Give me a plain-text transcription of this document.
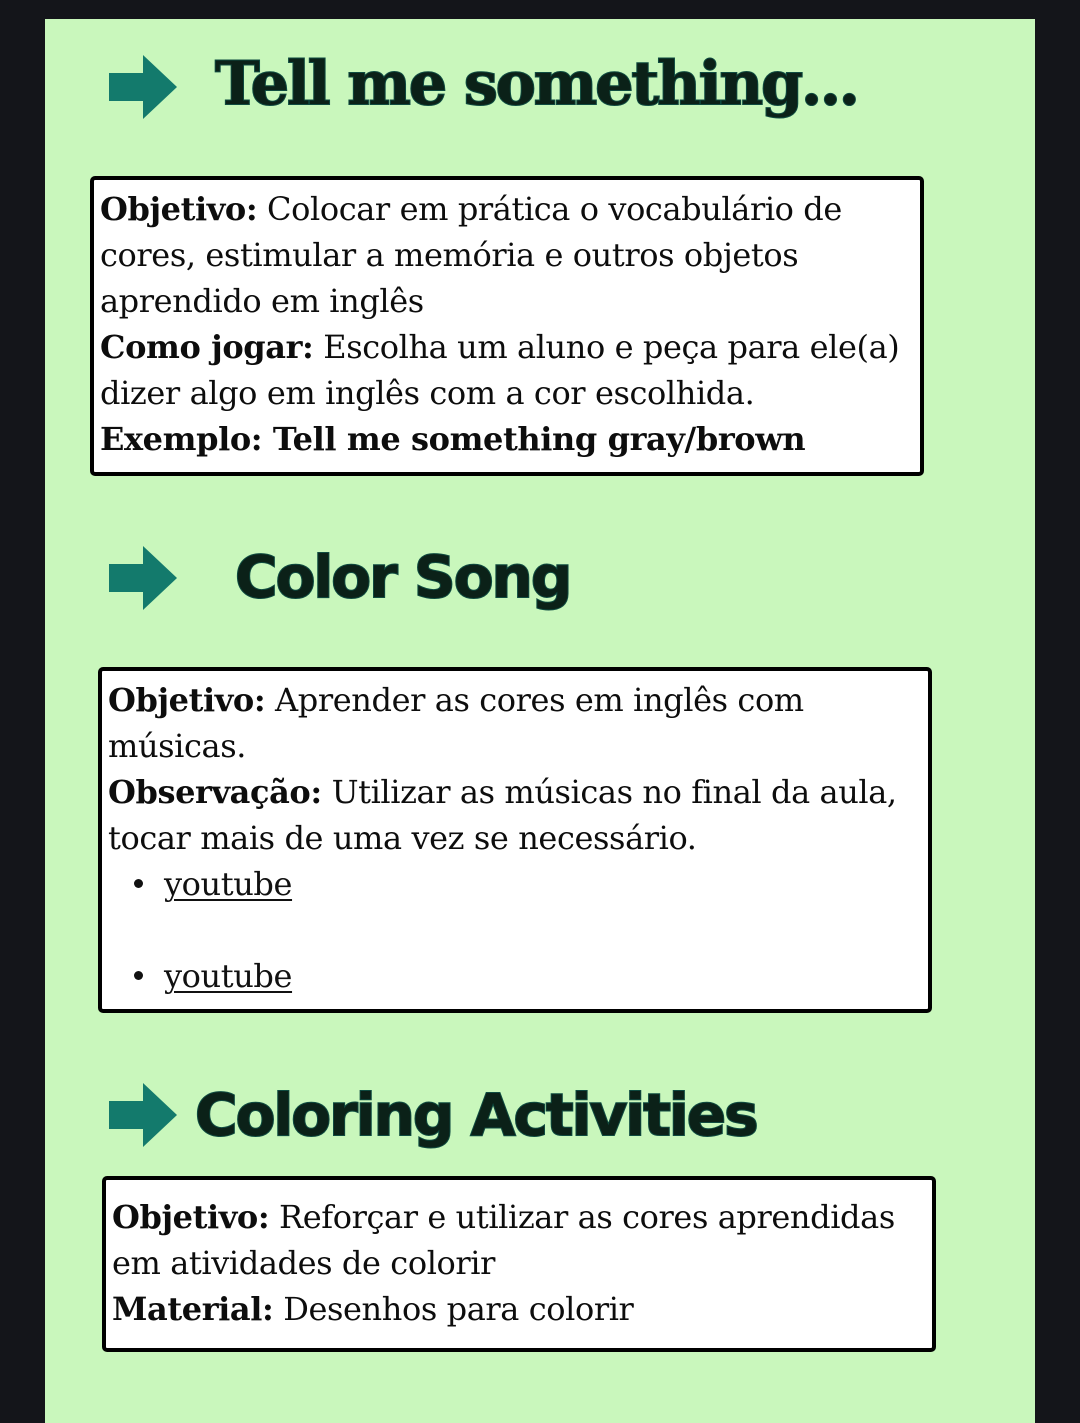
Tell me something...

Objetivo: Colocar em prática o vocabulário de cores, estimular a memória e outros objetos aprendido em inglês

Como jogar: Escolha um aluno e peça para ele(a) dizer algo em inglês com a cor escolhida.

Exemplo: Tell me something gray/brown

Color Song

Objetivo: Aprender as cores em inglês com músicas.

Observação: Utilizar as músicas no final da aula, tocar mais de uma vez se necessário.

youtube
youtube
Coloring Activities

Objetivo: Reforçar e utilizar as cores aprendidas em atividades de colorir

Material: Desenhos para colorir
